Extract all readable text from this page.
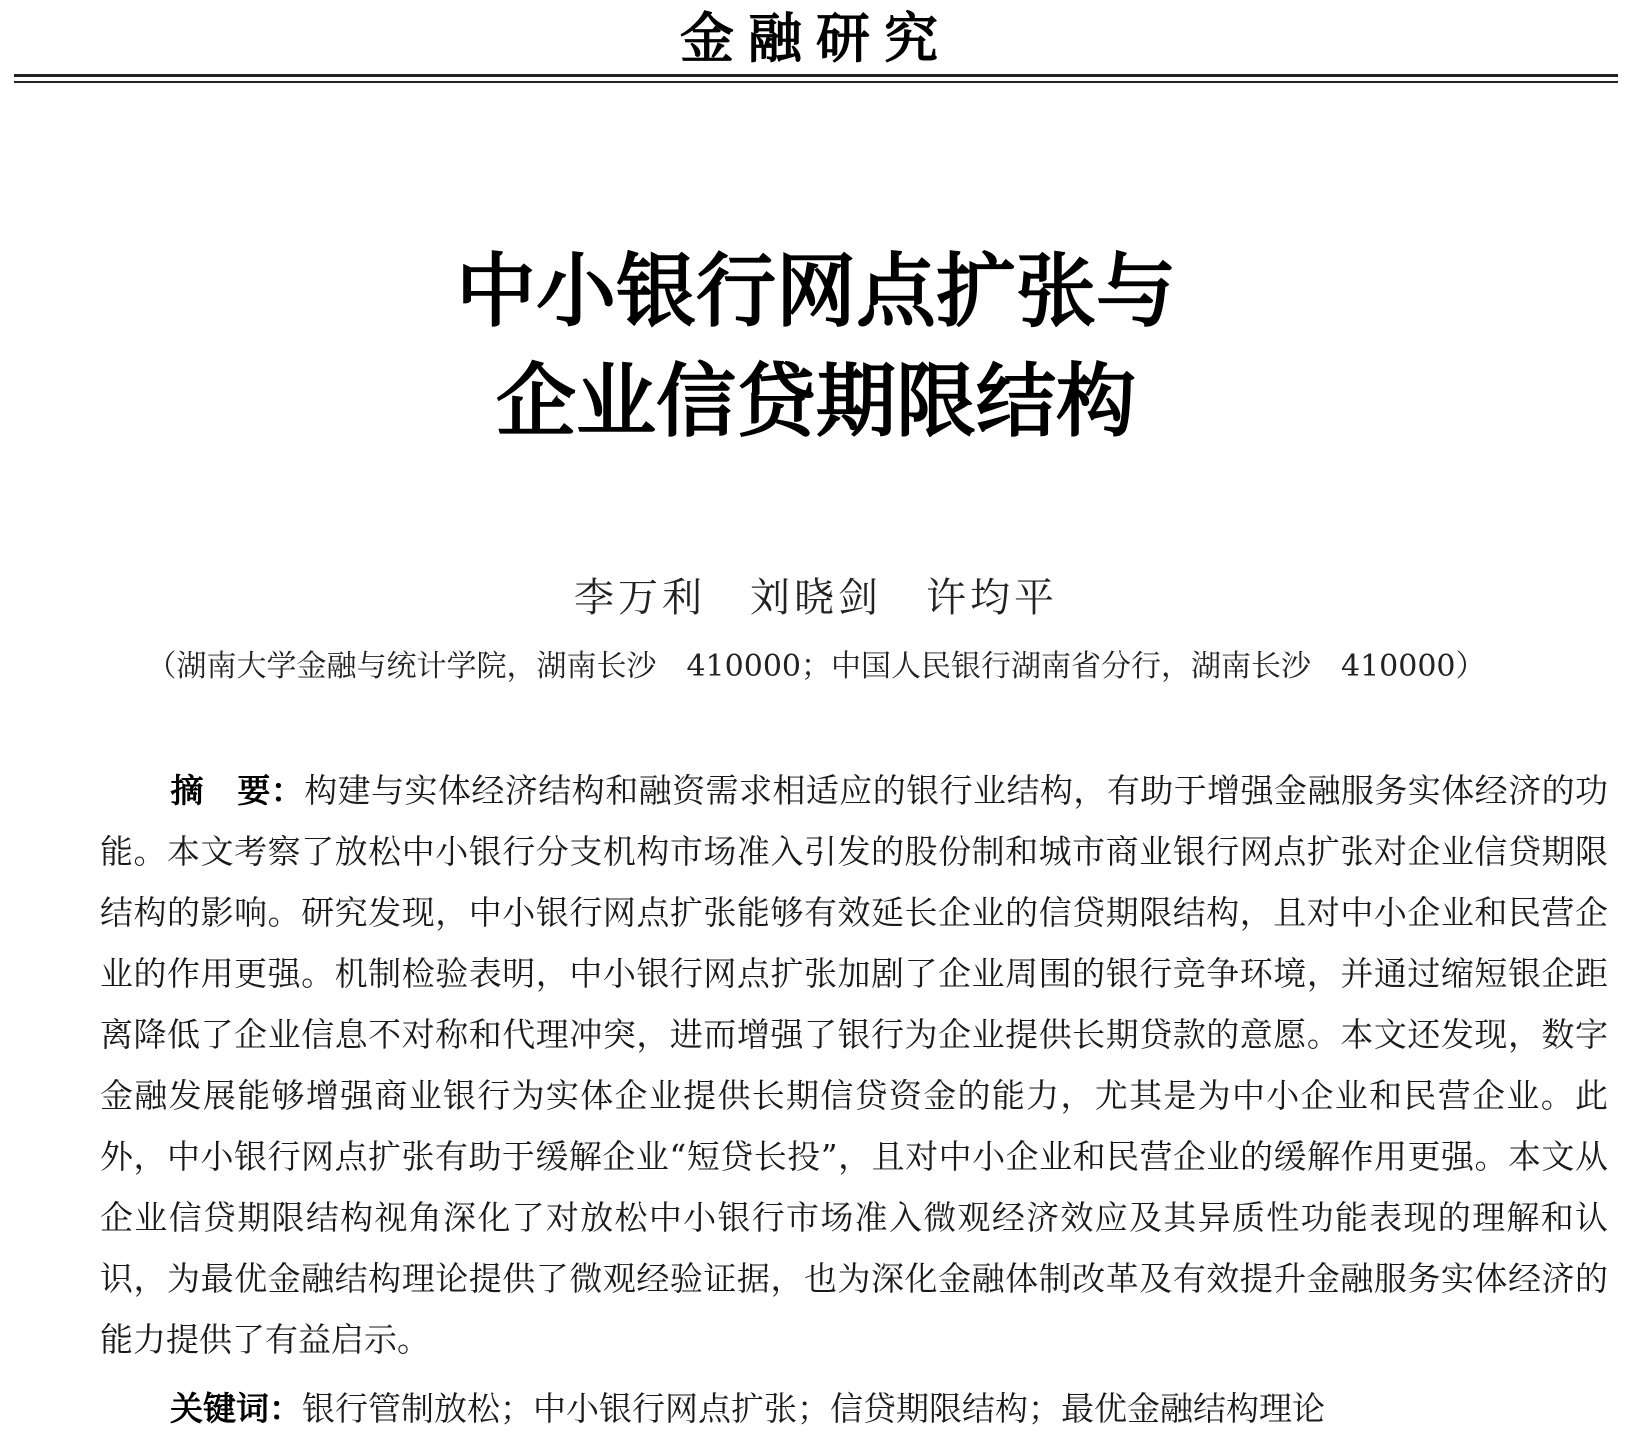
金融研究
中小银行网点扩张与
企业信贷期限结构
李万利　刘晓剑　许均平
（湖南大学金融与统计学院，湖南长沙　410000；中国人民银行湖南省分行，湖南长沙　410000）
摘　要：构建与实体经济结构和融资需求相适应的银行业结构，有助于增强金融服务实体经济的功能。本文考察了放松中小银行分支机构市场准入引发的股份制和城市商业银行网点扩张对企业信贷期限结构的影响。研究发现，中小银行网点扩张能够有效延长企业的信贷期限结构，且对中小企业和民营企业的作用更强。机制检验表明，中小银行网点扩张加剧了企业周围的银行竞争环境，并通过缩短银企距离降低了企业信息不对称和代理冲突，进而增强了银行为企业提供长期贷款的意愿。本文还发现，数字金融发展能够增强商业银行为实体企业提供长期信贷资金的能力，尤其是为中小企业和民营企业。此外，中小银行网点扩张有助于缓解企业“短贷长投”，且对中小企业和民营企业的缓解作用更强。本文从企业信贷期限结构视角深化了对放松中小银行市场准入微观经济效应及其异质性功能表现的理解和认识，为最优金融结构理论提供了微观经验证据，也为深化金融体制改革及有效提升金融服务实体经济的能力提供了有益启示。
关键词：银行管制放松；中小银行网点扩张；信贷期限结构；最优金融结构理论
